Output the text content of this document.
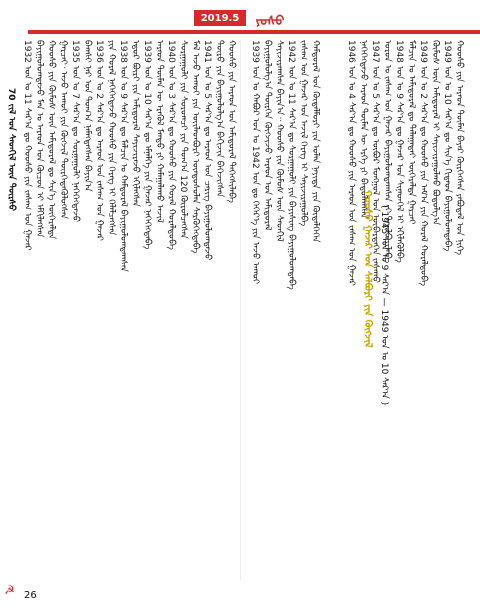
ᠶᠣᠰᠤ
2019.5
70 ᠵᠢᠯ ᠤᠨ ᠰᠡᠳᠬᠢᠯ ᠦᠨ ᠳᠦᠷᠰᠦ
☭
1932 ᠣᠨ ᠤ 11 ᠰᠠᠷ᠎ᠠ ᠳᠤ ᠬᠣᠣᠰᠤ ᠶᠢᠨ ᠵᠠᠰᠠᠭ ᠤᠨ ᠭᠠᠵᠠᠷ ᠪᠠᠶᠢᠭᠤᠯᠤᠭᠳᠠᠵᠤ ᠮᠠᠨ ᠤ ᠠᠷᠠᠳ ᠤᠨ ᠬᠦᠴᠦᠨ ᠢ ᠡᠮᠬᠢᠯᠡᠭᠰᠡᠨ ᠬᠣᠣᠰᠤ ᠶᠢᠨ ᠬᠦᠮᠦᠰ ᠦᠨ ᠠᠮᠢᠳᠤᠷᠠᠯ ᠳᠤ ᠰᠢᠨ᠎ᠡ ᠥᠭᠡᠷᠡᠯᠲᠡ ᠭᠠᠷᠴᠠᠢ᠂ ᠠᠵᠤ ᠠᠬᠤᠢ ᠶᠢᠨ ᠬᠥᠭᠵᠢᠯ ᠲᠦᠷᠭᠡᠳᠡᠭᠦᠯᠦᠭᠰᠡᠨ 1935 ᠣᠨ ᠤ 7 ᠰᠠᠷ᠎ᠠ ᠳᠤ ᠰᠤᠷᠭᠠᠭᠤᠯᠢ ᠨᠡᠭᠡᠭᠡᠭᠳᠡᠵᠦ ᠪᠠᠭᠰᠢ ᠨᠠᠷ ᠤᠨ ᠲᠣᠭ᠎ᠠ ᠨᠡᠮᠡᠭᠳᠡᠭᠰᠡᠨ ᠪᠠᠶᠢᠨ᠎ᠠ 1936 ᠣᠨ ᠤ 2 ᠰᠠᠷ᠎ᠠ ᠳᠤ ᠠᠷᠠᠳ ᠤᠨ ᠵᠠᠰᠠᠭ ᠤᠨ ᠭᠠᠵᠠᠷ ᠶᠢᠨ ᠬᠤᠷᠠᠯ ᠨᠡᠭᠡᠭᠡᠭᠳᠡᠵᠦ ᠬᠣᠣᠰᠤ ᠶᠢᠨ ᠬᠡᠷᠡᠭ ᠢ ᠬᠡᠯᠡᠯᠴᠡᠭᠰᠡᠨ 1938 ᠣᠨ ᠤ 9 ᠰᠠᠷ᠎ᠠ ᠳᠤ ᠮᠠᠯᠴᠢᠨ ᠤ ᠬᠠᠮᠲᠤᠷᠠᠯ ᠪᠠᠶᠢᠭᠤᠯᠤᠭᠳᠠᠭᠰᠠᠨ ᠡᠳ᠋ᠦᠷ ᠪᠦᠷᠢ ᠶᠢᠨ ᠠᠮᠢᠳᠤᠷᠠᠯ ᠰᠠᠶᠢᠵᠢᠷᠠᠵᠤ ᠡᠬᠢᠯᠡᠭᠰᠡᠨ 1939 ᠣᠨ ᠤ 10 ᠰᠠᠷ᠎ᠠ ᠳᠤ ᠡᠮᠨᠡᠯᠭᠡ ᠶᠢᠨ ᠭᠠᠵᠠᠷ ᠨᠡᠭᠡᠭᠡᠭᠳᠡᠪᠡ ᠠᠷᠠᠳ ᠲᠦᠮᠡᠨ ᠦ ᠡᠷᠡᠭᠦᠯ ᠮᠡᠨᠳᠦ ᠶᠢ ᠬᠠᠮᠠᠭᠠᠯᠠᠬᠤ ᠠᠵᠢᠯ 1940 ᠣᠨ ᠤ 3 ᠰᠠᠷ᠎ᠠ ᠳᠤ ᠬᠣᠣᠰᠤ ᠶᠢᠨ ᠬᠤᠷᠠᠯ ᠬᠤᠷᠠᠯᠳᠤᠪᠠ ᠰᠤᠷᠭᠠᠭᠤᠯᠢ ᠶᠢᠨ ᠰᠤᠷᠤᠭᠴᠢ ᠶᠢᠨ ᠲᠣᠭ᠎ᠠ 120 ᠬᠦᠷᠦᠯᠴᠡᠭᠰᠡᠨ ᠮᠠᠯ ᠠᠵᠤ ᠠᠬᠤᠢ ᠶᠢᠨ ᠦᠢᠯᠡᠳᠪᠦᠷᠢ ᠦᠨᠳᠦᠰᠦᠯᠡᠨ ᠰᠡᠷᠭᠦᠭᠡᠭᠳᠡᠪᠡ 1941 ᠣᠨ ᠤ 5 ᠰᠠᠷ᠎ᠠ ᠳᠤ ᠠᠷᠠᠳ ᠤᠨ ᠴᠡᠷᠢᠭ ᠪᠠᠶᠢᠭᠤᠯᠤᠭᠳᠠᠵᠤ ᠲᠥᠷᠦ ᠶᠢᠨ ᠪᠠᠶᠢᠭᠤᠯᠤᠯᠭ᠎ᠠ ᠪᠡᠬᠢᠵᠢᠨ ᠪᠡᠭᠡᠵᠢᠭᠰᠡᠨ ᠬᠣᠣᠰᠤ ᠶᠢᠨ ᠠᠷᠠᠳ ᠤᠨ ᠠᠮᠢᠳᠤᠷᠠᠯ ᠳᠡᠭᠡᠭᠰᠢᠯᠡᠪᠡ 1939 ᠣᠨ ᠤ ᠬᠠᠪᠤᠷ ᠣᠨ ᠤ 1942 ᠣᠨ ᠳᠤ ᠬᠡᠭᠡᠷ᠎ᠡ ᠶᠢᠨ ᠠᠵᠤ ᠠᠬᠤᠢ ᠪᠠᠶᠢᠭᠤᠯᠤᠯᠭ᠎ᠠ ᠲᠦᠷᠭᠡᠨ ᠬᠥᠭᠵᠢᠵᠦ ᠠᠷᠠᠳ ᠤᠨ ᠠᠮᠢᠳᠤᠷᠠᠯ ᠰᠠᠶᠢᠵᠢᠷᠠᠭᠰᠠᠨ ᠪᠠᠶᠢᠨ᠎ᠠ᠃ ᠬᠣᠣᠰᠤ ᠶᠢᠨ ᠬᠦᠮᠦᠰ ᠦᠨ ᠰᠡᠳᠬᠢᠯ 1942 ᠣᠨ ᠤ 11 ᠰᠠᠷ᠎ᠠ ᠳᠤ ᠰᠤᠷᠭᠠᠭᠤᠯᠢ ᠶᠢᠨ ᠪᠠᠶᠢᠰᠢᠩ ᠪᠠᠶᠢᠭᠤᠯᠤᠭᠳᠠᠪᠠ ᠵᠠᠰᠠᠭ ᠤᠨ ᠭᠠᠵᠠᠷ ᠤᠨ ᠠᠵᠢᠯ ᠬᠡᠷᠡᠭ ᠢ ᠰᠠᠶᠢᠵᠢᠷᠠᠭᠤᠯᠪᠠ ᠬᠠᠮᠲᠤᠷᠠᠯ ᠤᠨ ᠬᠥᠳᠡᠯᠮᠦᠷᠢ ᠶᠢᠨ ᠣᠯᠠᠨ ᠨᠡᠶᠢᠲᠡ ᠶᠢᠨ ᠬᠥᠳᠡᠯᠭᠡᠭᠡᠨ	1946 ᠣᠨ ᠤ 4 ᠰᠠᠷ᠎ᠠ ᠳᠤ ᠬᠣᠣᠰᠤ ᠶᠢᠨ ᠠᠷᠠᠳ ᠤᠨ ᠵᠠᠰᠠᠭ ᠤᠨ ᠭᠠᠵᠠᠷ ᠨᠡᠭᠡᠭᠡᠭᠳᠡᠵᠦ ᠠᠷᠠᠳ ᠲᠦᠮᠡᠨ ᠦ ᠡᠷᠬᠡ ᠶᠢ ᠪᠠᠲᠤᠯᠠᠭᠰᠠᠨ 1947 ᠣᠨ ᠤ 5 ᠰᠠᠷ᠎ᠠ ᠳᠤ ᠦᠪᠦᠷ ᠮᠣᠩᠭᠣᠯ ᠤᠨ ᠥᠪᠡᠷᠲᠡᠭᠡᠨ ᠵᠠᠰᠠᠬᠤ ᠣᠷᠤᠨ ᠤ ᠵᠠᠰᠠᠭ ᠤᠨ ᠭᠠᠵᠠᠷ ᠪᠠᠶᠢᠭᠤᠯᠤᠭᠳᠠᠭᠰᠠᠨ ᠵᠢ ᠲᠠᠶᠢᠯᠪᠤᠷᠢᠯᠠᠪᠠ 1948 ᠣᠨ ᠤ 9 ᠰᠠᠷ᠎ᠠ ᠳᠤ ᠭᠠᠵᠠᠷ ᠤᠨ ᠰᠢᠨᠡᠳᠬᠡᠯ ᠢ ᠡᠬᠢᠯᠡᠭᠦᠯᠪᠡ ᠮᠠᠯᠴᠢᠨ ᠤ ᠠᠮᠢᠳᠤᠷᠠᠯ ᠳᠤ ᠲᠠᠯᠠᠭᠠᠳᠠᠢ ᠥᠭᠡᠷᠡᠯᠲᠡ ᠭᠠᠷᠴᠠᠢ 1949 ᠣᠨ ᠤ 2 ᠰᠠᠷ᠎ᠠ ᠳᠤ ᠬᠣᠣᠰᠤ ᠶᠢᠨ ᠠᠮ᠎ᠠ ᠶᠢᠨ ᠬᠤᠷᠠᠯ ᠬᠤᠷᠠᠯᠳᠤᠪᠠ ᠬᠦᠮᠦᠰ ᠦᠨ ᠠᠮᠢᠳᠤᠷᠠᠯ ᠢ ᠰᠠᠶᠢᠵᠢᠷᠠᠭᠤᠯᠬᠤ ᠪᠣᠳᠤᠯᠭ᠎ᠠ 1949 ᠣᠨ ᠤ 10 ᠰᠠᠷ᠎ᠠ ᠳᠤ ᠰᠢᠨ᠎ᠡ ᠬᠢᠲᠠᠳ ᠪᠠᠶᠢᠭᠤᠯᠤᠭᠳᠠᠪᠠ ᠬᠣᠣᠰᠤ ᠶᠢᠨ ᠠᠷᠠᠳ ᠲᠦᠮᠡᠨ ᠪᠠᠶᠠᠷ ᠬᠦᠷᠭᠡᠭᠰᠡᠨ ᠶᠠᠪᠤᠳᠠᠯ ᠤᠨ ᠨᠢᠭᠡ
ᠬᠣᠣᠰᠤ ᠭᠠᠵᠠᠷ ᠤᠨ ᠰᠠᠯᠪᠤᠷᠢ ᠶᠢᠨ ᠬᠥᠭᠵᠢᠯ ( 1945 ᠣᠨ ᠤ 9 ᠰᠠᠷ᠎ᠠ — 1949 ᠣᠨ ᠤ 10 ᠰᠠᠷ᠎ᠠ )
26
